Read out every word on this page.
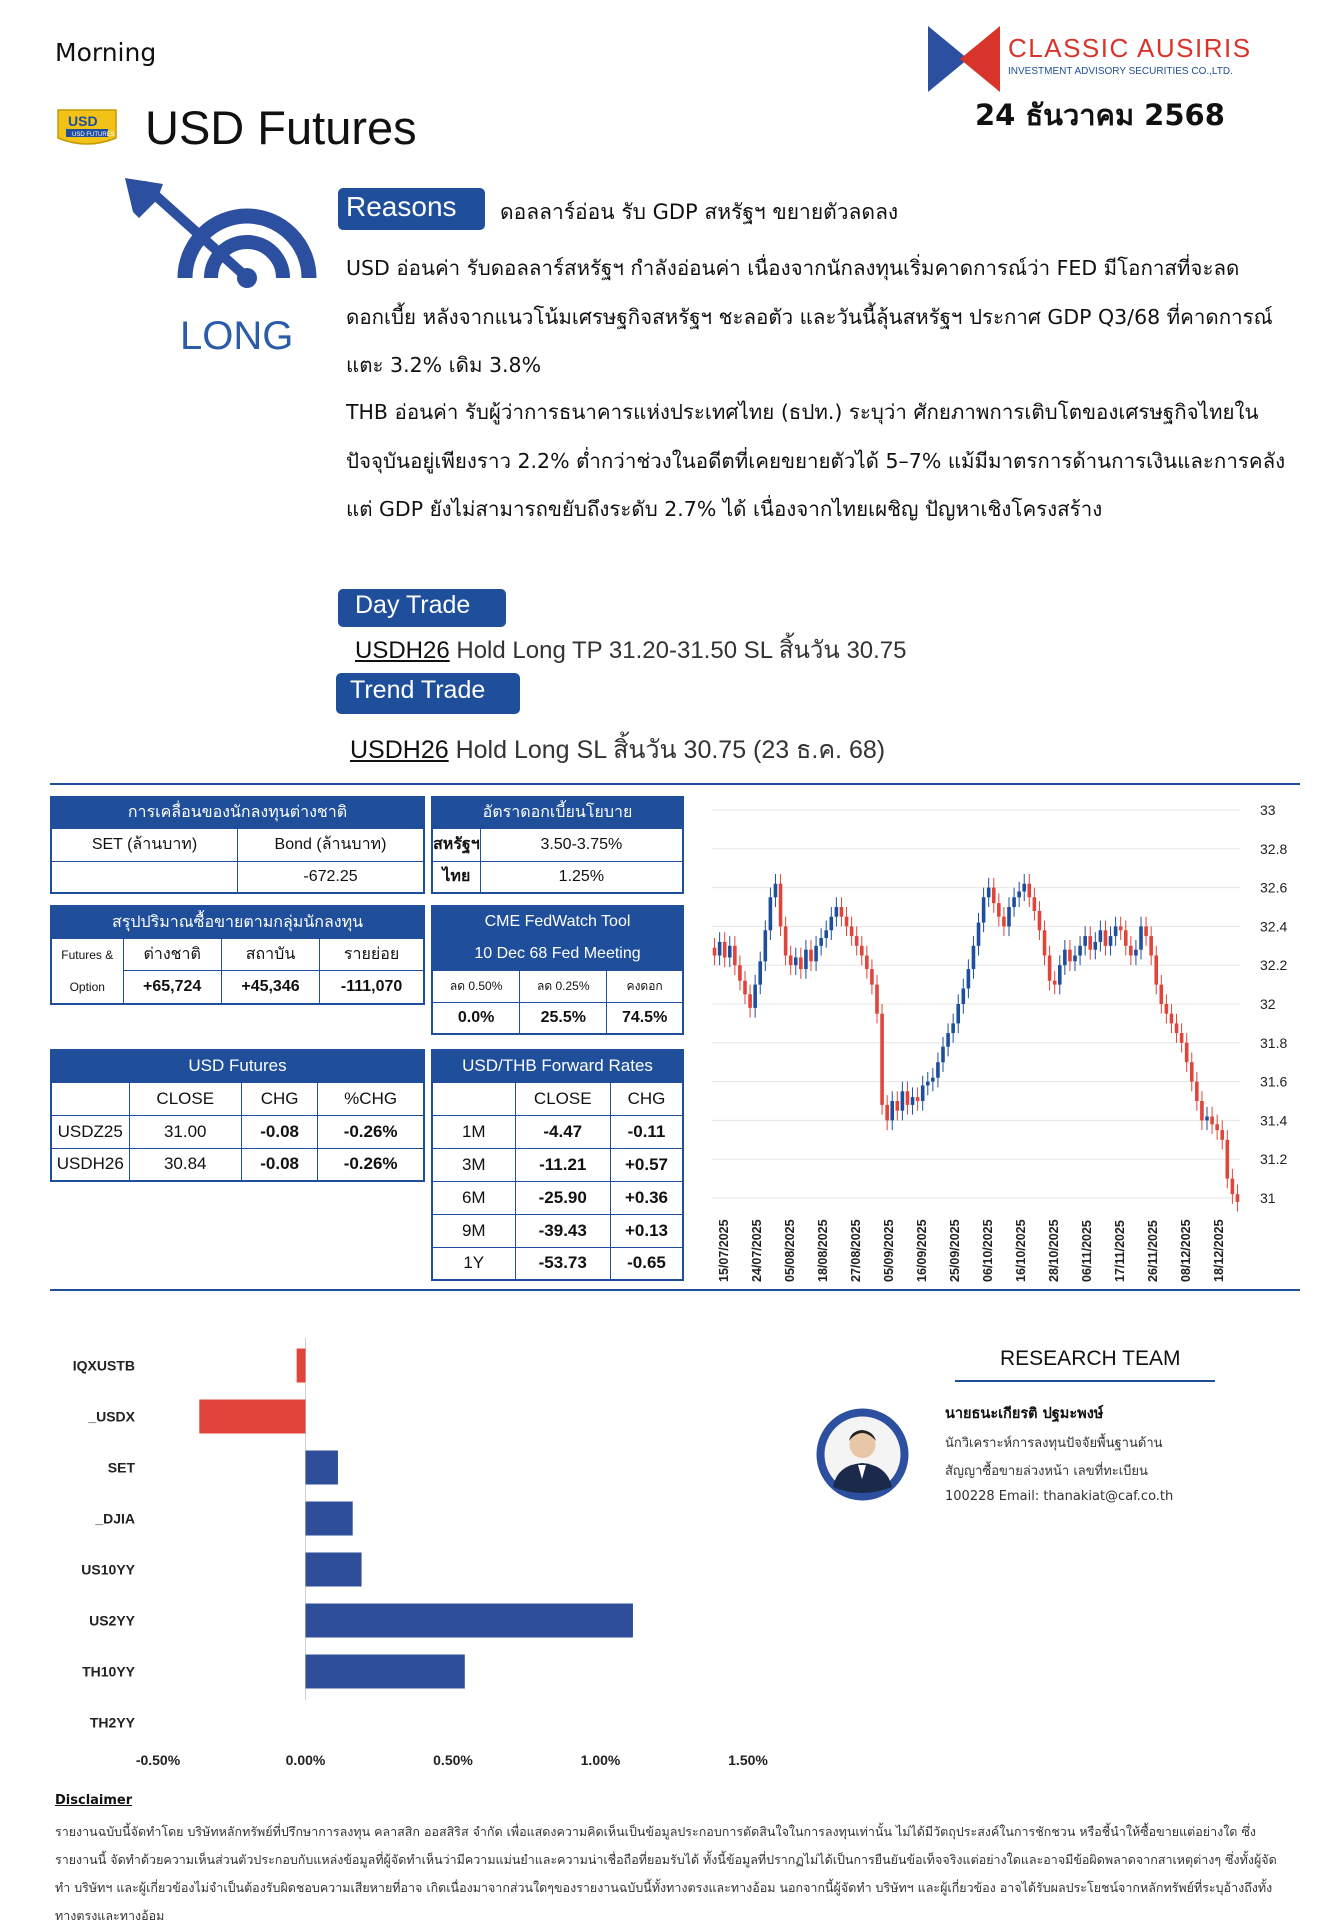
Morning	CLASSIC AUSIRIS
INVESTMENT ADVISORY SECURITIES CO.,LTD.
24 ธันวาคม 2568
USD
USD FUTURES USD Futures
LONG
Reasons	ดอลลาร์อ่อน รับ GDP สหรัฐฯ ขยายตัวลดลง
USD อ่อนค่า รับดอลลาร์สหรัฐฯ กำลังอ่อนค่า เนื่องจากนักลงทุนเริ่มคาดการณ์ว่า FED มีโอกาสที่จะลดดอกเบี้ย หลังจากแนวโน้มเศรษฐกิจสหรัฐฯ ชะลอตัว และวันนี้ลุ้นสหรัฐฯ ประกาศ GDP Q3/68 ที่คาดการณ์แตะ 3.2% เดิม 3.8%
THB อ่อนค่า รับผู้ว่าการธนาคารแห่งประเทศไทย (ธปท.) ระบุว่า ศักยภาพการเติบโตของเศรษฐกิจไทยในปัจจุบันอยู่เพียงราว 2.2% ต่ำกว่าช่วงในอดีตที่เคยขยายตัวได้ 5–7% แม้มีมาตรการด้านการเงินและการคลัง แต่ GDP ยังไม่สามารถขยับถึงระดับ 2.7% ได้ เนื่องจากไทยเผชิญ ปัญหาเชิงโครงสร้าง
Day Trade
USDH26 Hold Long TP 31.20-31.50 SL สิ้นวัน 30.75
Trend Trade
USDH26 Hold Long SL สิ้นวัน 30.75 (23 ธ.ค. 68)
การเคลื่อนของนักลงทุนต่างชาติ	
SET (ล้านบาท)	Bond (ล้านบาท)
	-672.25
อัตราดอกเบี้ยนโยบาย	
สหรัฐฯ	3.50-3.75%
ไทย	1.25%
สรุปปริมาณซื้อขายตามกลุ่มนักลงทุน			

Futures &
Option	ต่างชาติ	สถาบัน	รายย่อย
	+65,724	+45,346	-111,070
CME FedWatch Tool		
10 Dec 68 Fed Meeting		
ลด 0.50%	ลด 0.25%	คงดอก
0.0%	25.5%	74.5%
USD Futures			
	CLOSE	CHG	%CHG
USDZ25	31.00	-0.08	-0.26%
USDH26	30.84	-0.08	-0.26%
USD/THB Forward Rates		
	CLOSE	CHG
1M	-4.47	-0.11
3M	-11.21	+0.57
6M	-25.90	+0.36
9M	-39.43	+0.13
1Y	-53.73	-0.65
33
32.8
32.6
32.4
32.2
32
31.8
31.6
31.4
31.2
31
15/07/2025 24/07/2025 05/08/2025 18/08/2025 27/08/2025 05/09/2025 16/09/2025 25/09/2025 06/10/2025 16/10/2025 28/10/2025 06/11/2025 17/11/2025 26/11/2025 08/12/2025 18/12/2025
IQXUSTB
_USDX
SET
_DJIA
US10YY
US2YY
TH10YY
TH2YY
-0.50%	0.00%	0.50%	1.00%	1.50%
RESEARCH TEAM
นายธนะเกียรติ ปฐมะพงษ์
นักวิเคราะห์การลงทุนปัจจัยพื้นฐานด้าน
สัญญาซื้อขายล่วงหน้า เลขที่ทะเบียน
100228 Email: thanakiat@caf.co.th
Disclaimer
รายงานฉบับนี้จัดทำโดย บริษัทหลักทรัพย์ที่ปรึกษาการลงทุน คลาสสิก ออสสิริส จำกัด เพื่อแสดงความคิดเห็นเป็นข้อมูลประกอบการตัดสินใจในการลงทุนเท่านั้น ไม่ได้มีวัตถุประสงค์ในการชักชวน หรือชี้นำให้ซื้อขายแต่อย่างใด ซึ่งรายงานนี้ จัดทำด้วยความเห็นส่วนตัวประกอบกับแหล่งข้อมูลที่ผู้จัดทำเห็นว่ามีความแม่นยำและความน่าเชื่อถือที่ยอมรับได้ ทั้งนี้ข้อมูลที่ปรากฏไม่ได้เป็นการยืนยันข้อเท็จจริงแต่อย่างใดและอาจมีข้อผิดพลาดจากสาเหตุต่างๆ ซึ่งทั้งผู้จัดทำ บริษัทฯ และผู้เกี่ยวข้องไม่จำเป็นต้องรับผิดชอบความเสียหายที่อาจ เกิดเนื่องมาจากส่วนใดๆของรายงานฉบับนี้ทั้งทางตรงและทางอ้อม นอกจากนี้ผู้จัดทำ บริษัทฯ และผู้เกี่ยวข้อง อาจได้รับผลประโยชน์จากหลักทรัพย์ที่ระบุอ้างถึงทั้งทางตรงและทางอ้อม
